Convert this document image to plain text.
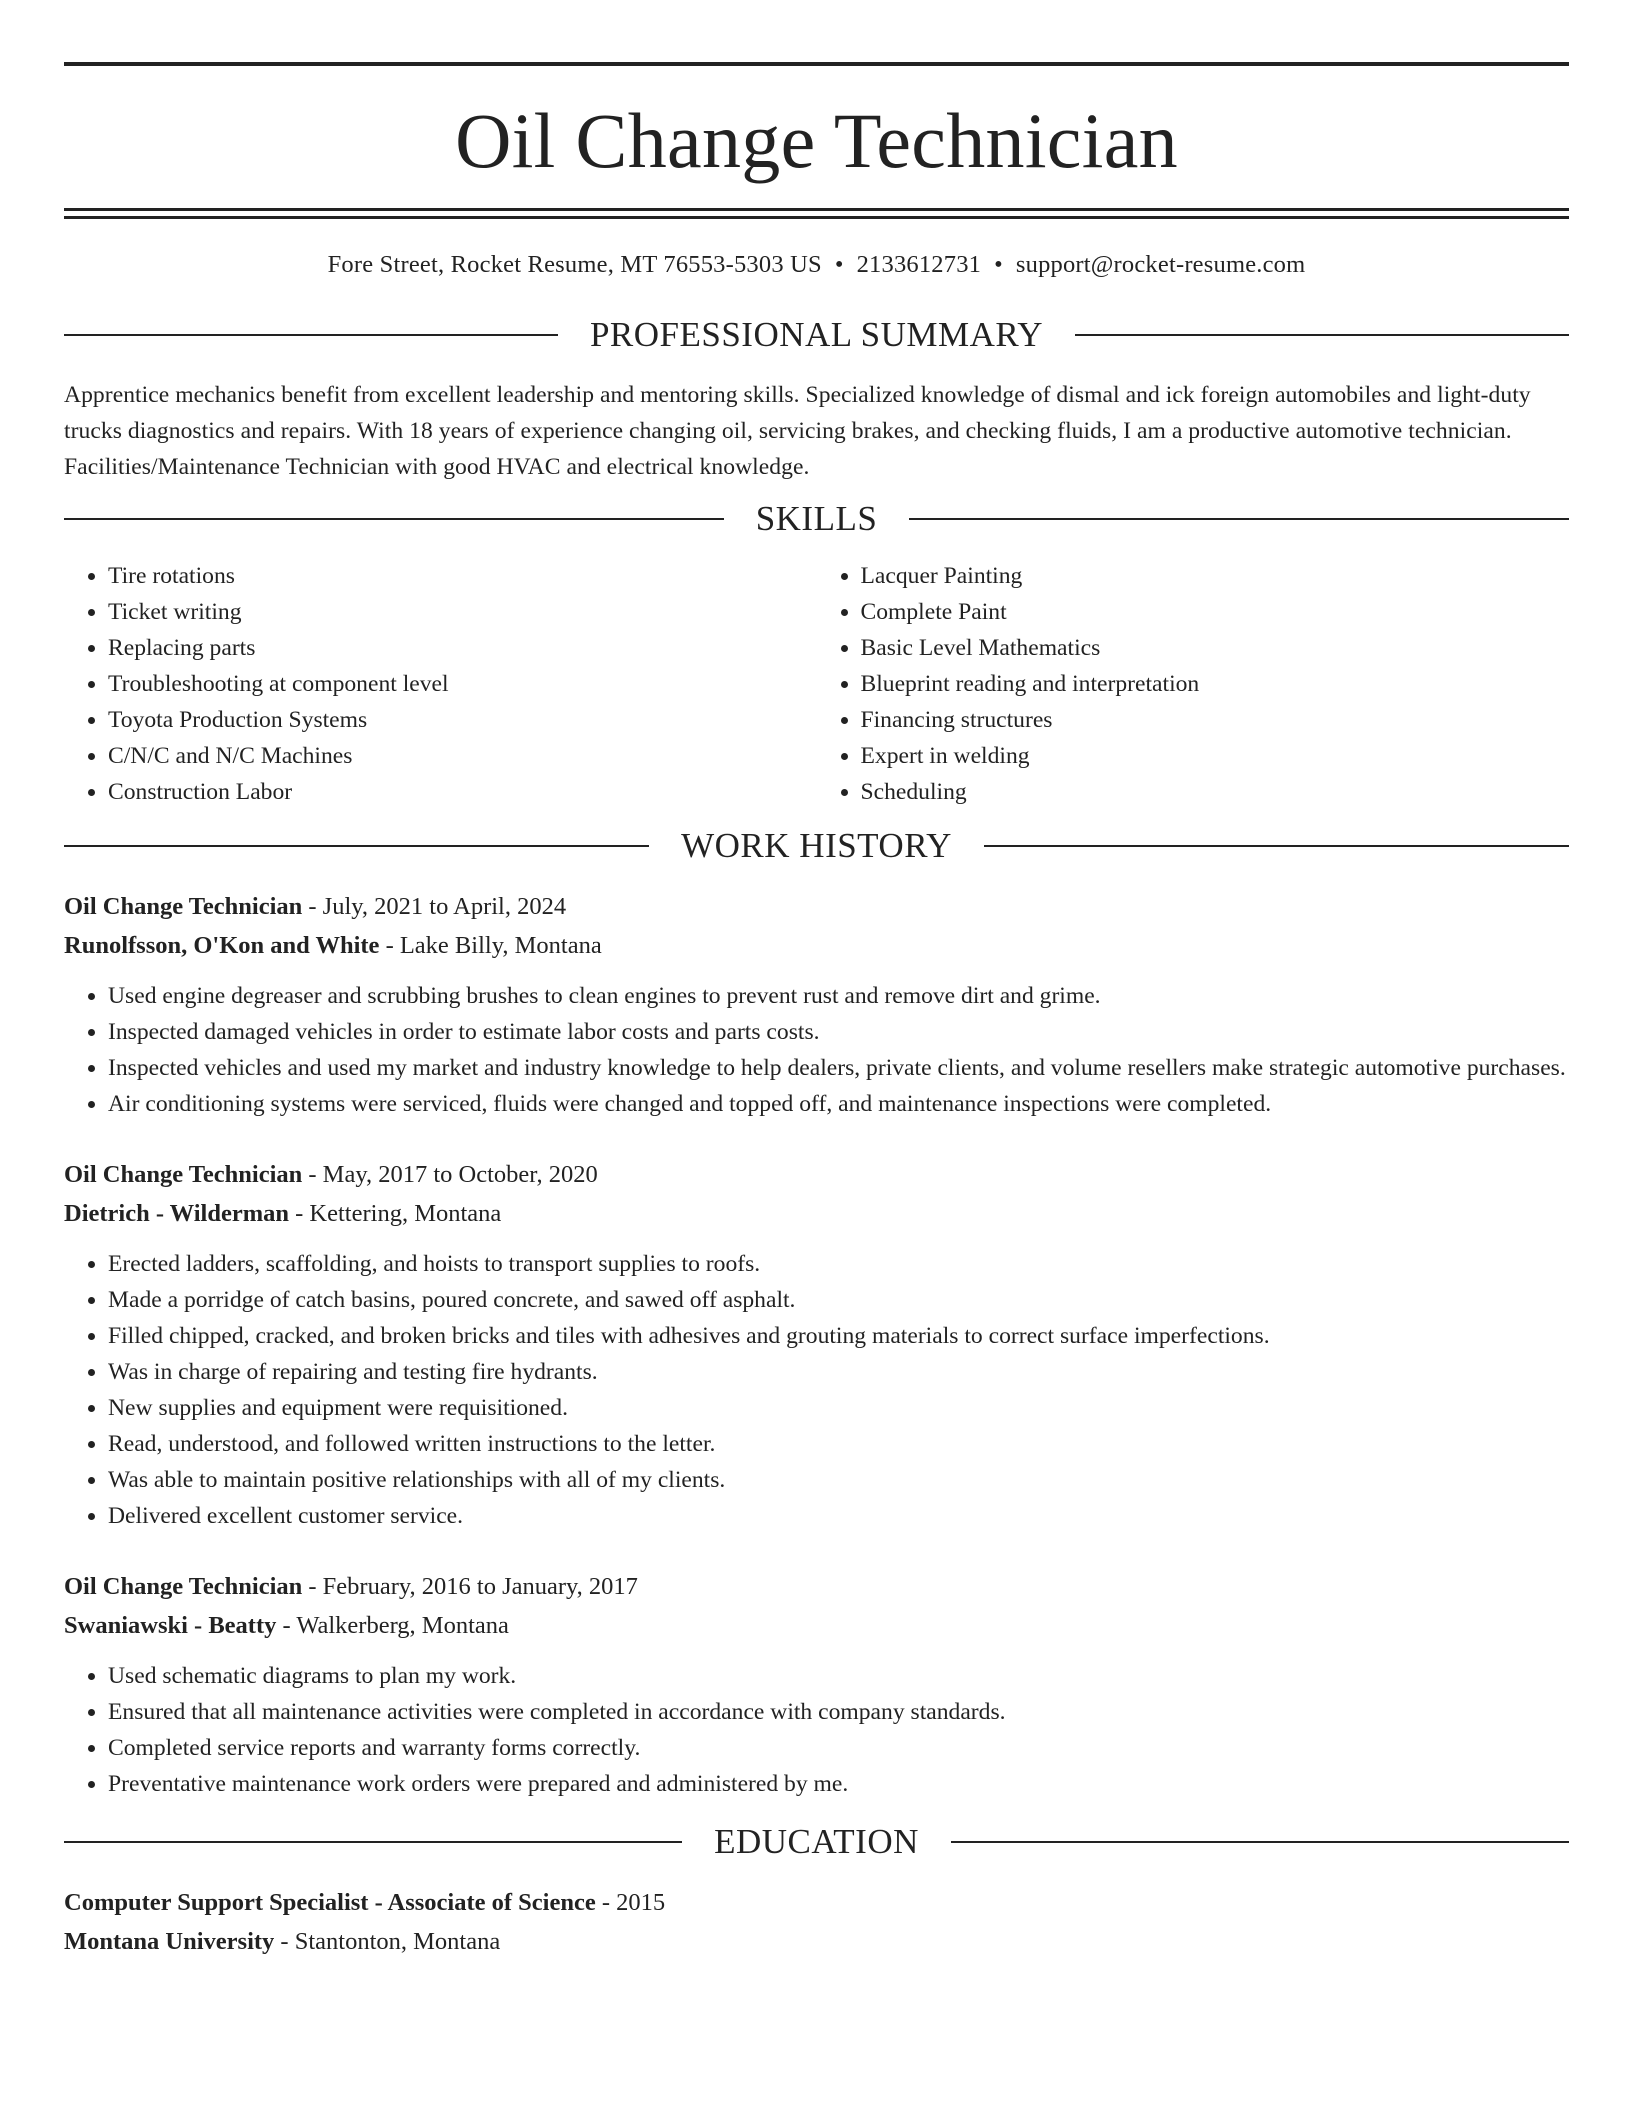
Oil Change Technician
Fore Street, Rocket Resume, MT 76553-5303 US • 2133612731 • support@rocket-resume.com
PROFESSIONAL SUMMARY
Apprentice mechanics benefit from excellent leadership and mentoring skills. Specialized knowledge of dismal and ick foreign automobiles and light-duty trucks diagnostics and repairs. With 18 years of experience changing oil, servicing brakes, and checking fluids, I am a productive automotive technician. Facilities/Maintenance Technician with good HVAC and electrical knowledge.
SKILLS
• Tire rotations
• Ticket writing
• Replacing parts
• Troubleshooting at component level
• Toyota Production Systems
• C/N/C and N/C Machines
• Construction Labor
• Lacquer Painting
• Complete Paint
• Basic Level Mathematics
• Blueprint reading and interpretation
• Financing structures
• Expert in welding
• Scheduling
WORK HISTORY
Oil Change Technician - July, 2021 to April, 2024
Runolfsson, O'Kon and White - Lake Billy, Montana
• Used engine degreaser and scrubbing brushes to clean engines to prevent rust and remove dirt and grime.
• Inspected damaged vehicles in order to estimate labor costs and parts costs.
• Inspected vehicles and used my market and industry knowledge to help dealers, private clients, and volume resellers make strategic automotive purchases.
• Air conditioning systems were serviced, fluids were changed and topped off, and maintenance inspections were completed.
Oil Change Technician - May, 2017 to October, 2020
Dietrich - Wilderman - Kettering, Montana
• Erected ladders, scaffolding, and hoists to transport supplies to roofs.
• Made a porridge of catch basins, poured concrete, and sawed off asphalt.
• Filled chipped, cracked, and broken bricks and tiles with adhesives and grouting materials to correct surface imperfections.
• Was in charge of repairing and testing fire hydrants.
• New supplies and equipment were requisitioned.
• Read, understood, and followed written instructions to the letter.
• Was able to maintain positive relationships with all of my clients.
• Delivered excellent customer service.
Oil Change Technician - February, 2016 to January, 2017
Swaniawski - Beatty - Walkerberg, Montana
• Used schematic diagrams to plan my work.
• Ensured that all maintenance activities were completed in accordance with company standards.
• Completed service reports and warranty forms correctly.
• Preventative maintenance work orders were prepared and administered by me.
EDUCATION
Computer Support Specialist - Associate of Science - 2015
Montana University - Stantonton, Montana
